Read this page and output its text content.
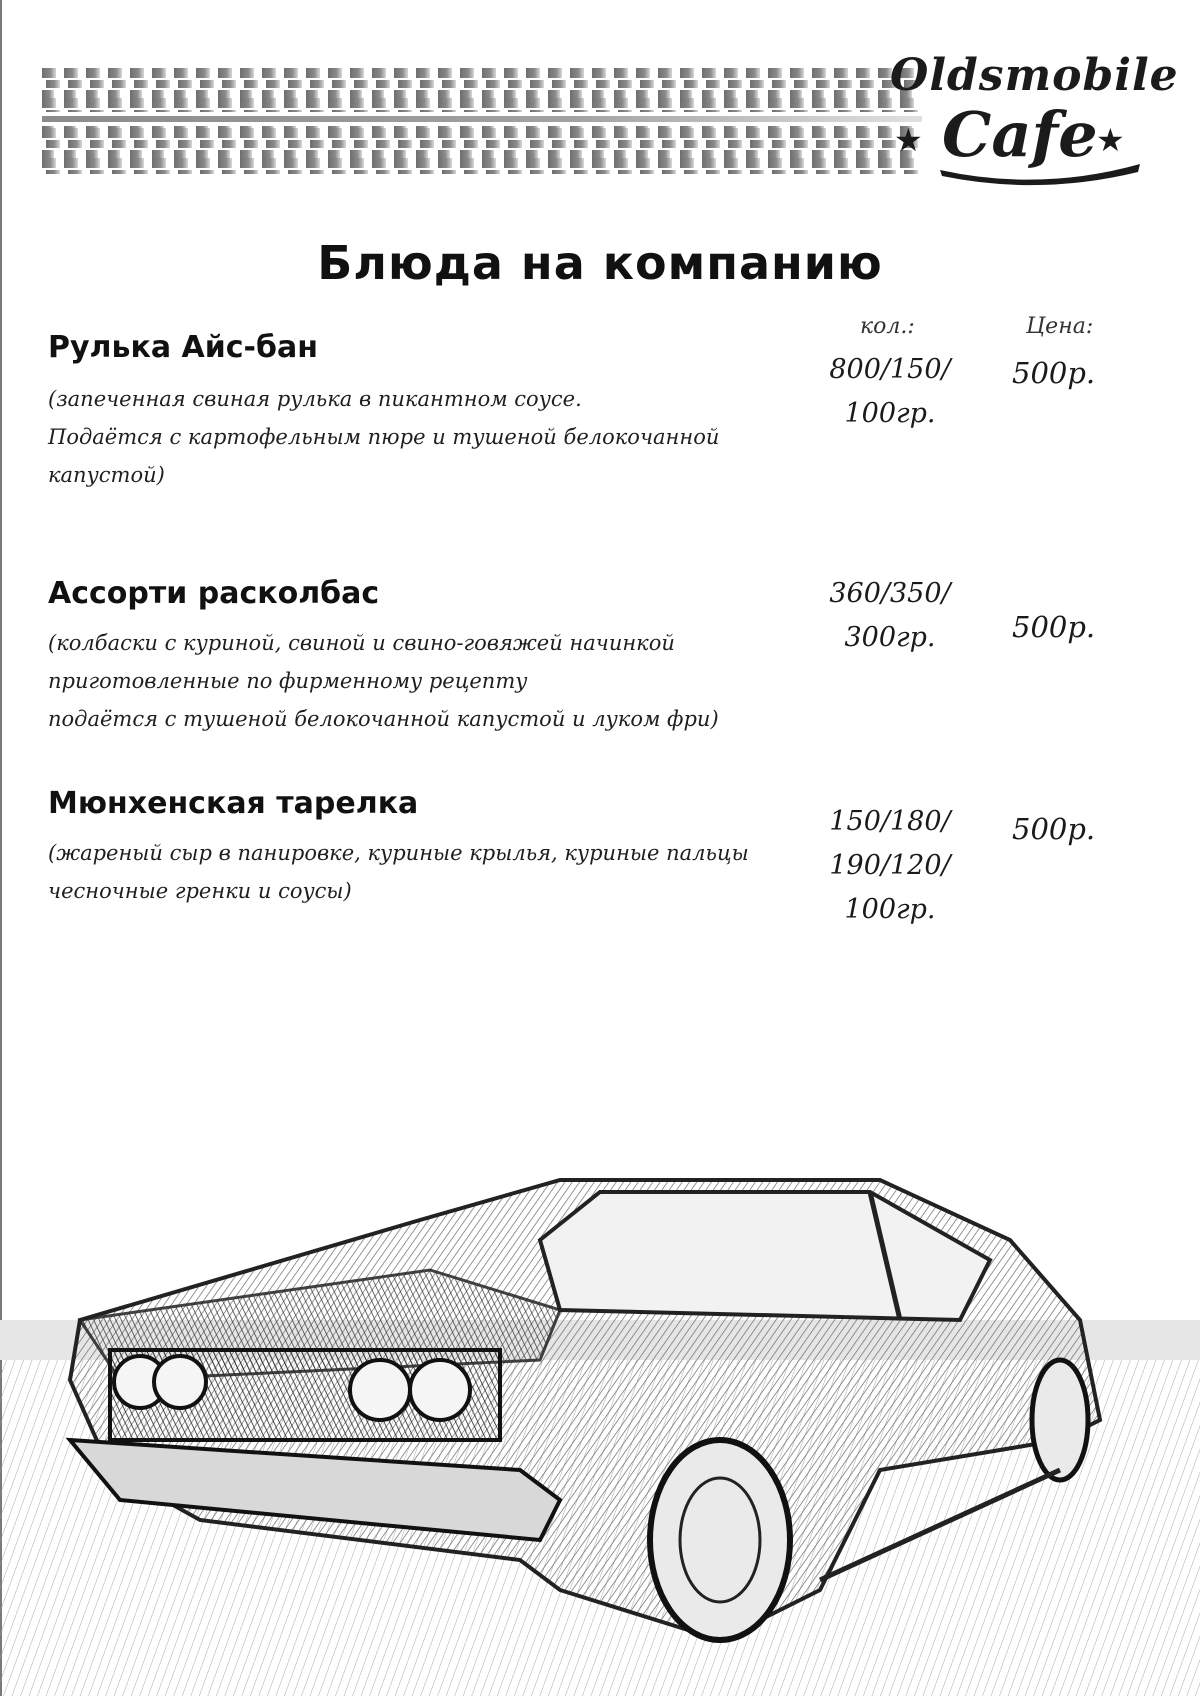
Oldsmobile
★ Cafe
★
Блюда на компанию
кол.:	Цена:
Рулька Айс-бан
(запеченная свиная рулька в пикантном соусе.
Подаётся с картофельным пюре и тушеной белокочанной
капустой)
800/150/
100гр.
500р.
Ассорти расколбас
(колбаски с куриной, свиной и свино-говяжей начинкой
приготовленные по фирменному рецепту
подаётся с тушеной белокочанной капустой и луком фри)
360/350/
300гр.	500р.
Мюнхенская тарелка
(жареный сыр в панировке, куриные крылья, куриные пальцы
чесночные гренки и соусы)
150/180/
190/120/
100гр.
500р.
